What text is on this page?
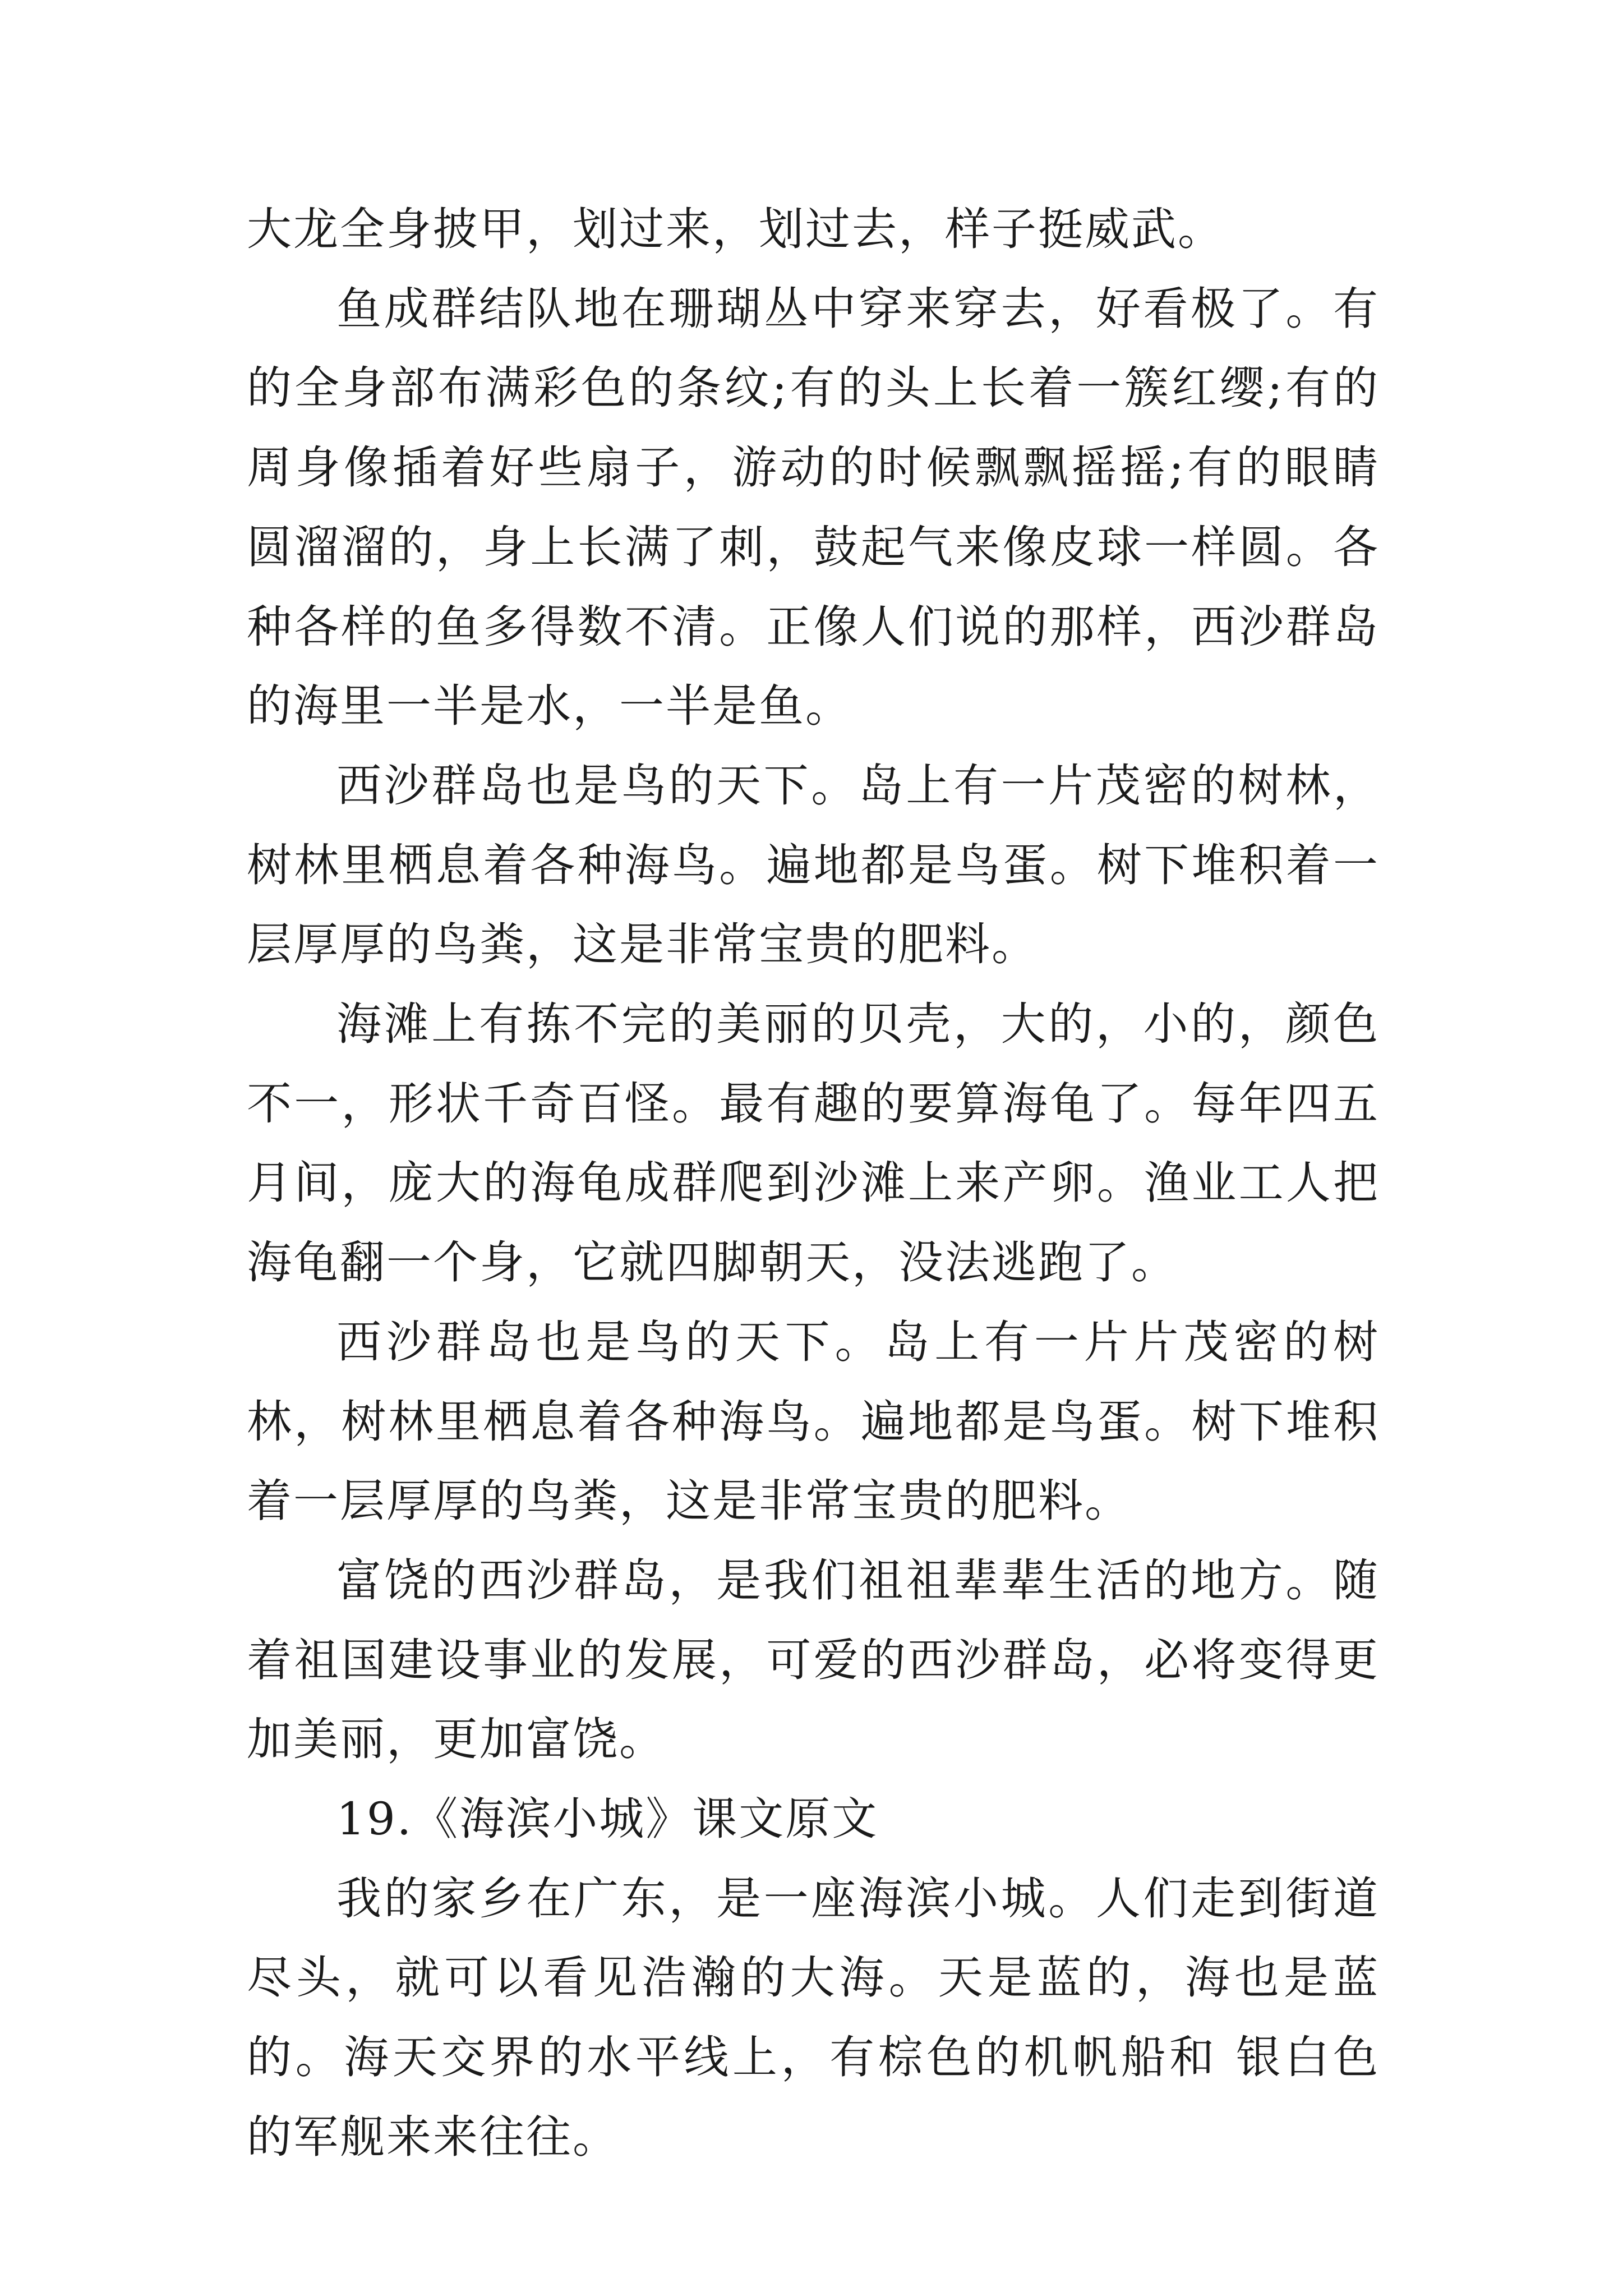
大龙全身披甲，划过来，划过去，样子挺威武。

鱼成群结队地在珊瑚丛中穿来穿去，好看极了。有的全身部布满彩色的条纹;有的头上长着一簇红缨;有的周身像插着好些扇子，游动的时候飘飘摇摇;有的眼睛圆溜溜的，身上长满了刺，鼓起气来像皮球一样圆。各种各样的鱼多得数不清。正像人们说的那样，西沙群岛的海里一半是水，一半是鱼。

西沙群岛也是鸟的天下。岛上有一片茂密的树林，树林里栖息着各种海鸟。遍地都是鸟蛋。树下堆积着一层厚厚的鸟粪，这是非常宝贵的肥料。

海滩上有拣不完的美丽的贝壳，大的，小的，颜色不一，形状千奇百怪。最有趣的要算海龟了。每年四五月间，庞大的海龟成群爬到沙滩上来产卵。渔业工人把海龟翻一个身，它就四脚朝天，没法逃跑了。

西沙群岛也是鸟的天下。岛上有一片片茂密的树林，树林里栖息着各种海鸟。遍地都是鸟蛋。树下堆积着一层厚厚的鸟粪，这是非常宝贵的肥料。

富饶的西沙群岛，是我们祖祖辈辈生活的地方。随着祖国建设事业的发展，可爱的西沙群岛，必将变得更加美丽，更加富饶。

19.《海滨小城》课文原文

我的家乡在广东，是一座海滨小城。人们走到街道尽头，就可以看见浩瀚的大海。天是蓝的，海也是蓝的。海天交界的水平线上，有棕色的机帆船和 银白色的军舰来来往往。
